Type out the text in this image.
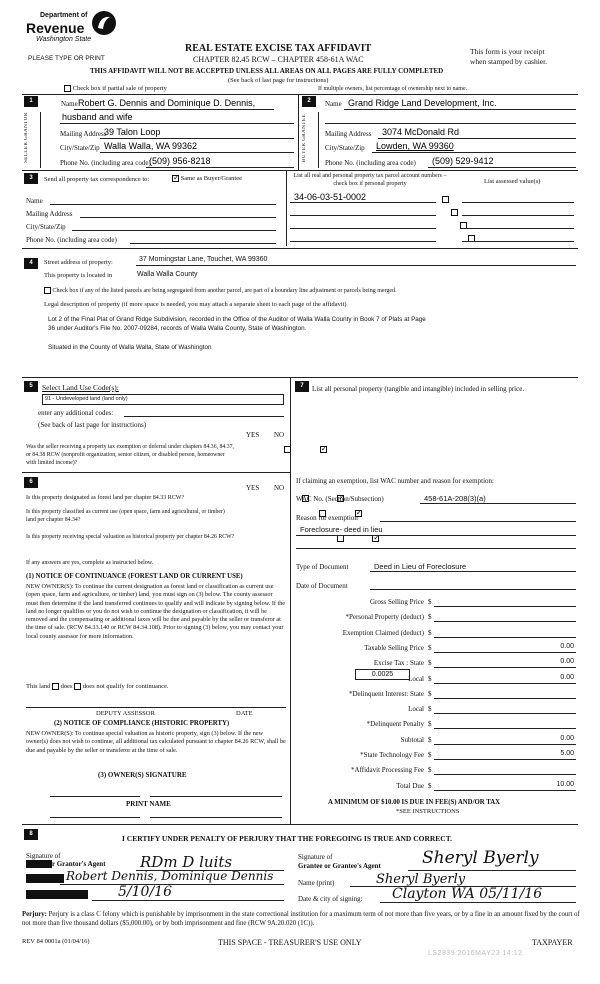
Department of
Revenue
Washington State
PLEASE TYPE OR PRINT
REAL ESTATE EXCISE TAX AFFIDAVIT
CHAPTER 82.45 RCW – CHAPTER 458-61A WAC
This form is your receipt
when stamped by cashier.
THIS AFFIDAVIT WILL NOT BE ACCEPTED UNLESS ALL AREAS ON ALL PAGES ARE FULLY COMPLETED
(See back of last page for instructions)
Check box if partial sale of property	If multiple owners, list percentage of ownership next to name.
1
SELLER GRANTOR
Name Robert G. Dennis and Dominique D. Dennis,
husband and wife
Mailing Address
39 Talon Loop
City/State/Zip Walla Walla, WA 99362
Phone No. (including area code)
(509) 956-8218
2
BUYER GRANTEE
Name Grand Ridge Land Development, Inc.
Mailing Address 3074 McDonald Rd
City/State/Zip Lowden, WA 99360
Phone No. (including area code) (509) 529-9412
3	Send all property tax correspondence to: ✓	Same as Buyer/Grantee	List all real and personal property tax parcel account numbers – check box if personal property	List assessed value(s)
Name
Mailing Address
City/State/Zip
Phone No. (including area code)
34-06-03-51-0002

4	Street address of property:	37 Morningstar Lane, Touchet, WA 99360
This property is located in	Walla Walla County
Check box if any of the listed parcels are being segregated from another parcel, are part of a boundary line adjustment or parcels being merged.
Legal description of property (if more space is needed, you may attach a separate sheet to each page of the affidavit)
Lot 2 of the Final Plat of Grand Ridge Subdivision, recorded in the Office of the Auditor of Walla Walla County in Book 7 of Plats at Page
36 under Auditor's File No. 2007-09284, records of Walla Walla County, State of Washington.
Situated in the County of Walla Walla, State of Washington
5	Select Land Use Code(s):
91 - Undeveloped land (land only)
enter any additional codes:
(See back of last page for instructions)
YES NO
Was the seller receiving a property tax exemption or deferral under chapters 84.36, 84.37, or 84.38 RCW (nonprofit organization, senior citizen, or disabled person, homeowner with limited income)?
✓
6
YES NO
Is this property designated as forest land per chapter 84.33 RCW?
✓
Is this property classified as current use (open space, farm and agricultural, or timber) land per chapter 84.34?
✓
Is this property receiving special valuation as historical property per chapter 84.26 RCW?
✓
If any answers are yes, complete as instructed below.
(1) NOTICE OF CONTINUANCE (FOREST LAND OR CURRENT USE)
NEW OWNER(S): To continue the current designation as forest land or classification as current use (open space, farm and agriculture, or timber) land, you must sign on (3) below. The county assessor must then determine if the land transferred continues to qualify and will indicate by signing below. If the land no longer qualifies or you do not wish to continue the designation or classification, it will be removed and the compensating or additional taxes will be due and payable by the seller or transferor at the time of sale. (RCW 84.33.140 or RCW 84.34.108). Prior to signing (3) below, you may contact your local county assessor for more information.
This land does does not qualify for continuance.
DEPUTY ASSESSOR	DATE
(2) NOTICE OF COMPLIANCE (HISTORIC PROPERTY)
NEW OWNER(S): To continue special valuation as historic property, sign (3) below. If the new owner(s) does not wish to continue, all additional tax calculated pursuant to chapter 84.26 RCW, shall be due and payable by the seller or transferor at the time of sale.
(3) OWNER(S) SIGNATURE
PRINT NAME
7	List all personal property (tangible and intangible) included in selling price.
If claiming an exemption, list WAC number and reason for exemption:
WAC No. (Section/Subsection)	458-61A-208(3)(a)
Reason for exemption
Foreclosure- deed in lieu
Type of Document	Deed in Lieu of Foreclosure
Date of Document
Gross Selling Price $
*Personal Property (deduct) $
Exemption Claimed (deduct) $
Taxable Selling Price $	0.00
Excise Tax : State $	0.00
Local $	0.00
*Delinquent Interest: State $
Local $
*Delinquent Penalty $
Subtotal $	0.00
*State Technology Fee $	5.00
*Affidavit Processing Fee $
Total Due $	10.00
0.0025
A MINIMUM OF $10.00 IS DUE IN FEE(S) AND/OR TAX
*SEE INSTRUCTIONS
8	I CERTIFY UNDER PENALTY OF PERJURY THAT THE FOREGOING IS TRUE AND CORRECT.
Signature of
r Grantor's Agent RDm D luits
Robert Dennis, Dominique Dennis
5/10/16
Signature of
Grantee or Grantee's Agent Sheryl Byerly
Name (print)	Sheryl Byerly
Date & city of signing: Clayton WA 05/11/16
Perjury: Perjury is a class C felony which is punishable by imprisonment in the state correctional institution for a maximum term of not more than five years, or by a fine in an amount fixed by the court of not more than five thousand dollars ($5,000.00), or by both imprisonment and fine (RCW 9A.20.020 (1C)).
REV 84 0001a (01/04/16)	THIS SPACE - TREASURER'S USE ONLY	TAXPAYER
LS2839 2016MAY23 14:12
